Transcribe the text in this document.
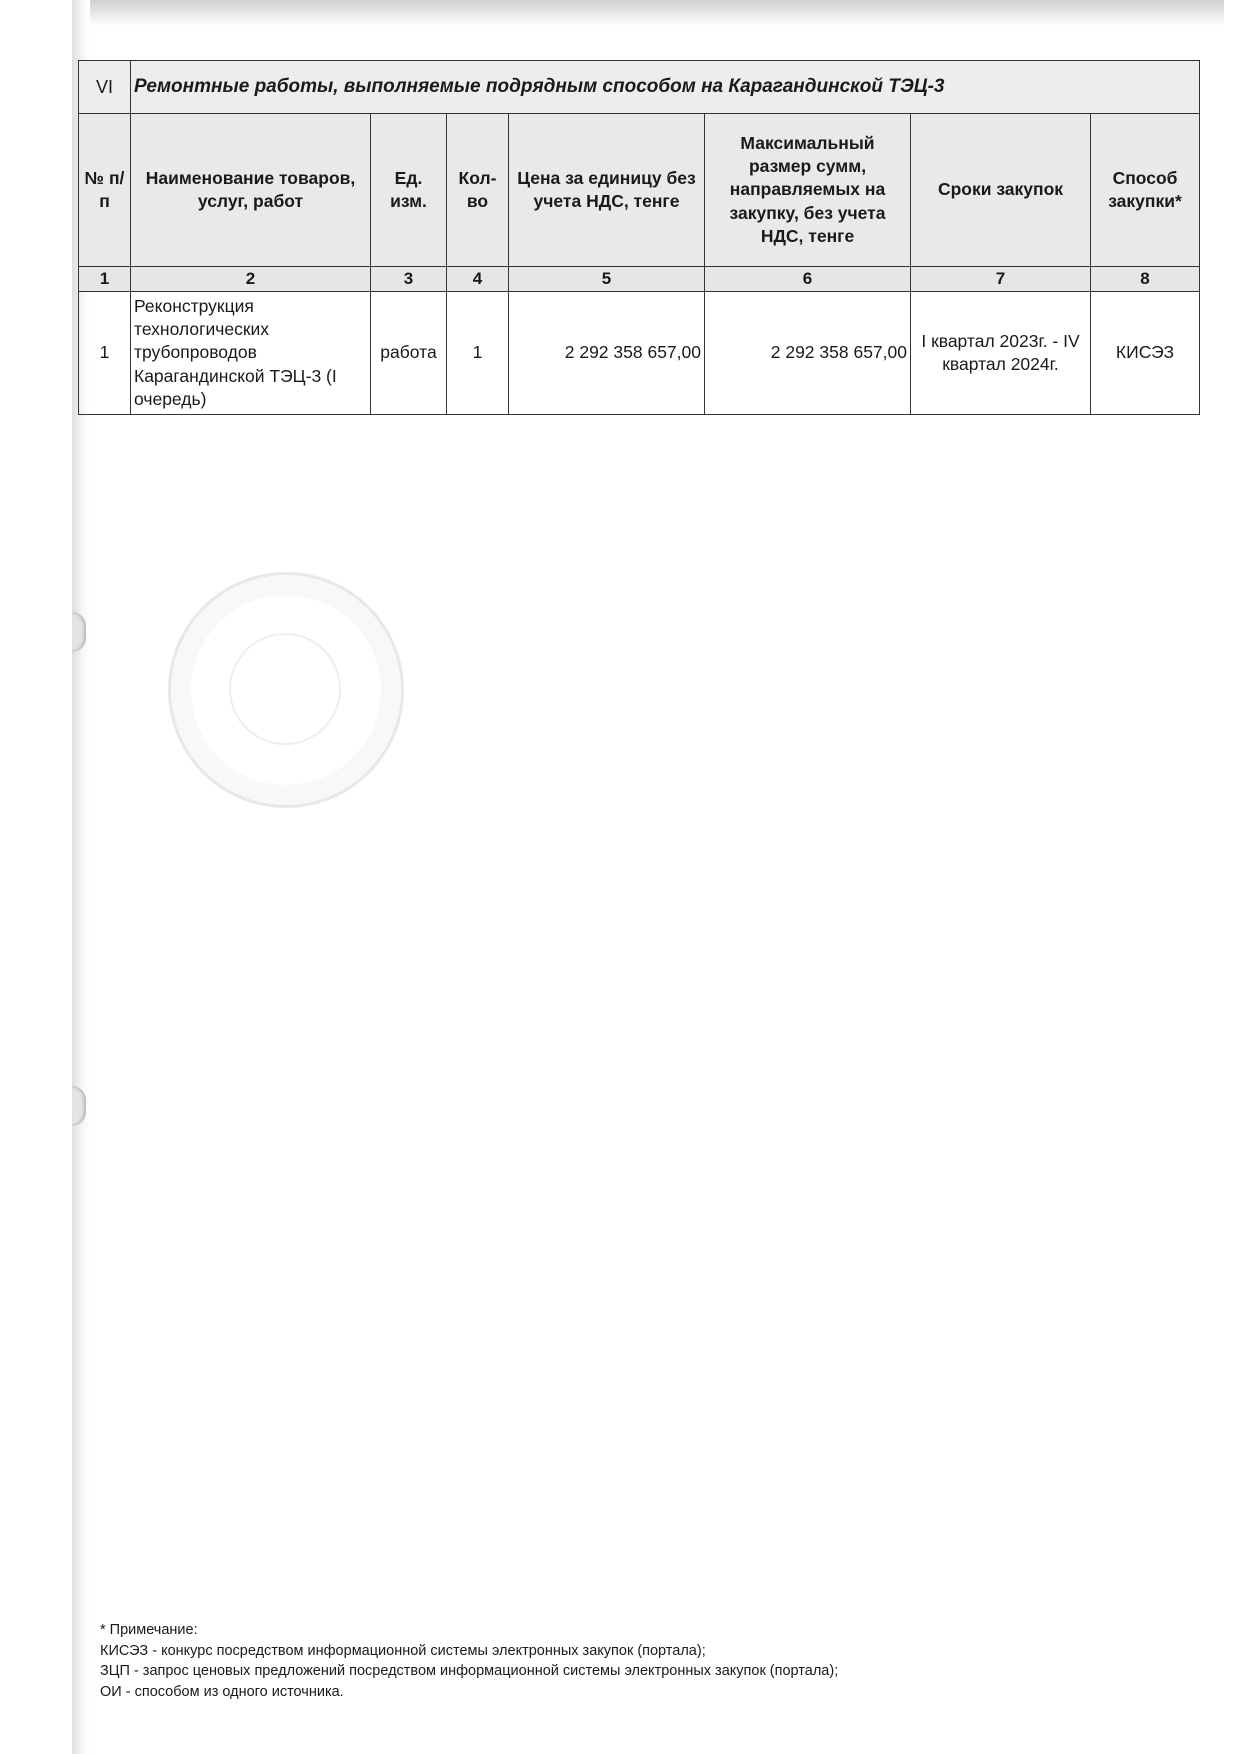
VI	Ремонтные работы, выполняемые подрядным способом на Карагандинской ТЭЦ-3						
№ п/п	Наименование товаров, услуг, работ	Ед. изм.	Кол-во	Цена за единицу без учета НДС, тенге	Максимальный размер сумм, направляемых на закупку, без учета НДС, тенге	Сроки закупок	Способ закупки*
1	2	3	4	5	6	7	8
1	Реконструкция технологических трубопроводов Карагандинской ТЭЦ-3 (I очередь)	работа	1	2 292 358 657,00	2 292 358 657,00	I квартал 2023г. - IV квартал 2024г.	КИСЭЗ
* Примечание:
КИСЭЗ - конкурс посредством информационной системы электронных закупок (портала);
ЗЦП - запрос ценовых предложений посредством информационной системы электронных закупок (портала);
ОИ - способом из одного источника.
